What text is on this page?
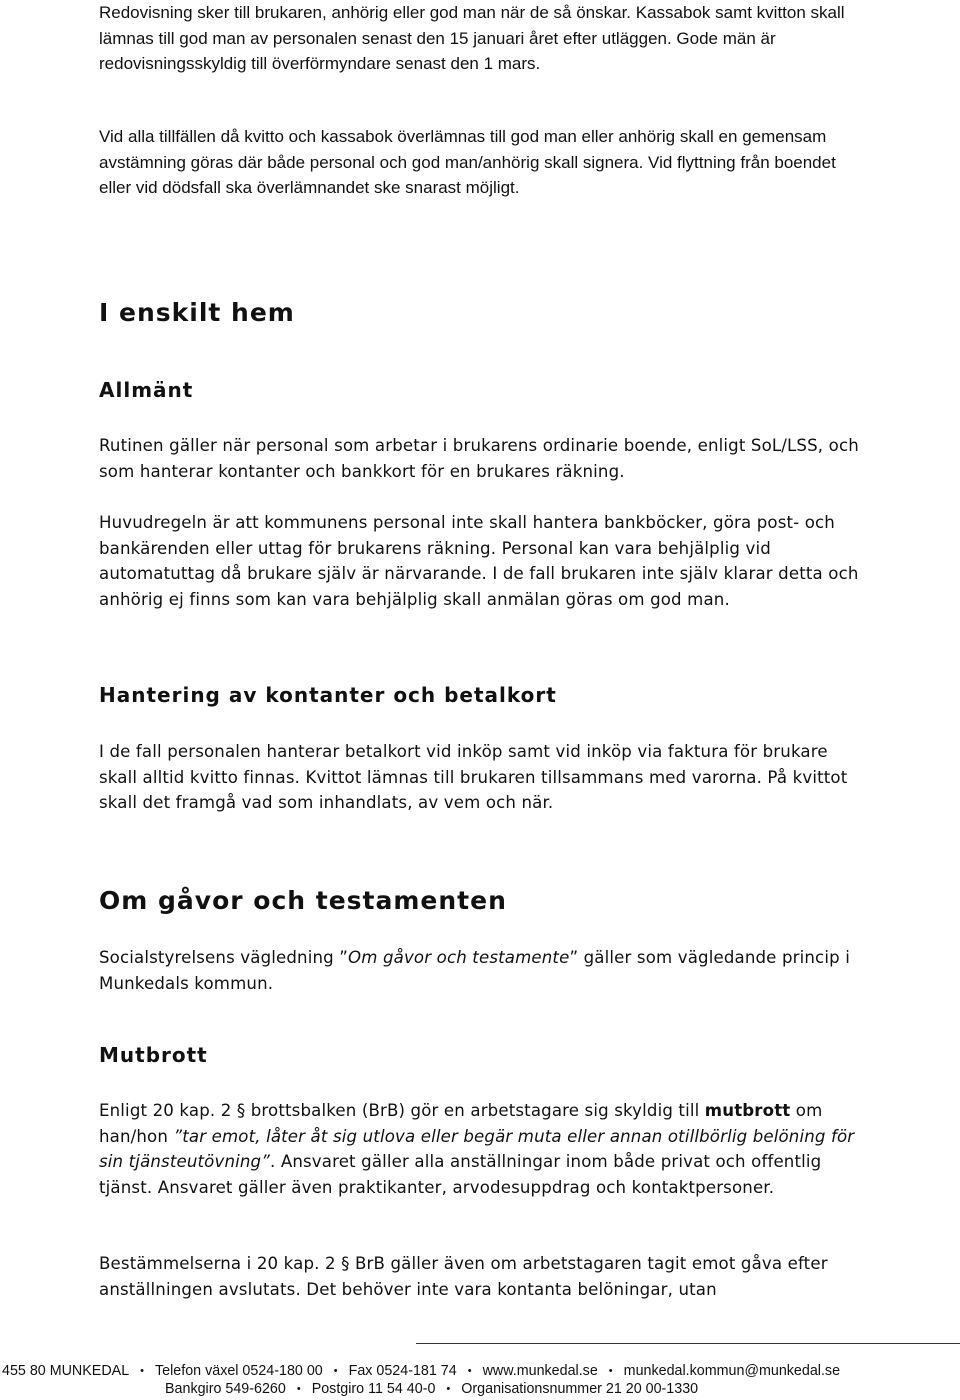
Redovisning sker till brukaren, anhörig eller god man när de så önskar. Kassabok samt kvitton skall lämnas till god man av personalen senast den 15 januari året efter utläggen. Gode män är redovisningsskyldig till överförmyndare senast den 1 mars.

Vid alla tillfällen då kvitto och kassabok överlämnas till god man eller anhörig skall en gemensam avstämning göras där både personal och god man/anhörig skall signera. Vid flyttning från boendet eller vid dödsfall ska överlämnandet ske snarast möjligt.

I enskilt hem
Allmänt

Rutinen gäller när personal som arbetar i brukarens ordinarie boende, enligt SoL/LSS, och som hanterar kontanter och bankkort för en brukares räkning.

Huvudregeln är att kommunens personal inte skall hantera bankböcker, göra post- och bankärenden eller uttag för brukarens räkning. Personal kan vara behjälplig vid automatuttag då brukare själv är närvarande. I de fall brukaren inte själv klarar detta och anhörig ej finns som kan vara behjälplig skall anmälan göras om god man.

Hantering av kontanter och betalkort

I de fall personalen hanterar betalkort vid inköp samt vid inköp via faktura för brukare skall alltid kvitto finnas. Kvittot lämnas till brukaren tillsammans med varorna. På kvittot skall det framgå vad som inhandlats, av vem och när.

Om gåvor och testamenten

Socialstyrelsens vägledning ”Om gåvor och testamente” gäller som vägledande princip i Munkedals kommun.

Mutbrott

Enligt 20 kap. 2 § brottsbalken (BrB) gör en arbetstagare sig skyldig till mutbrott om han/hon ”tar emot, låter åt sig utlova eller begär muta eller annan otillbörlig belöning för sin tjänsteutövning”. Ansvaret gäller alla anställningar inom både privat och offentlig tjänst. Ansvaret gäller även praktikanter, arvodesuppdrag och kontaktpersoner.

Bestämmelserna i 20 kap. 2 § BrB gäller även om arbetstagaren tagit emot gåva efter anställningen avslutats. Det behöver inte vara kontanta belöningar, utan

455 80 MUNKEDAL • Telefon växel 0524-180 00 • Fax 0524-181 74 • www.munkedal.se • munkedal.kommun@munkedal.se
Bankgiro 549-6260 • Postgiro 11 54 40-0 • Organisationsnummer 21 20 00-1330
